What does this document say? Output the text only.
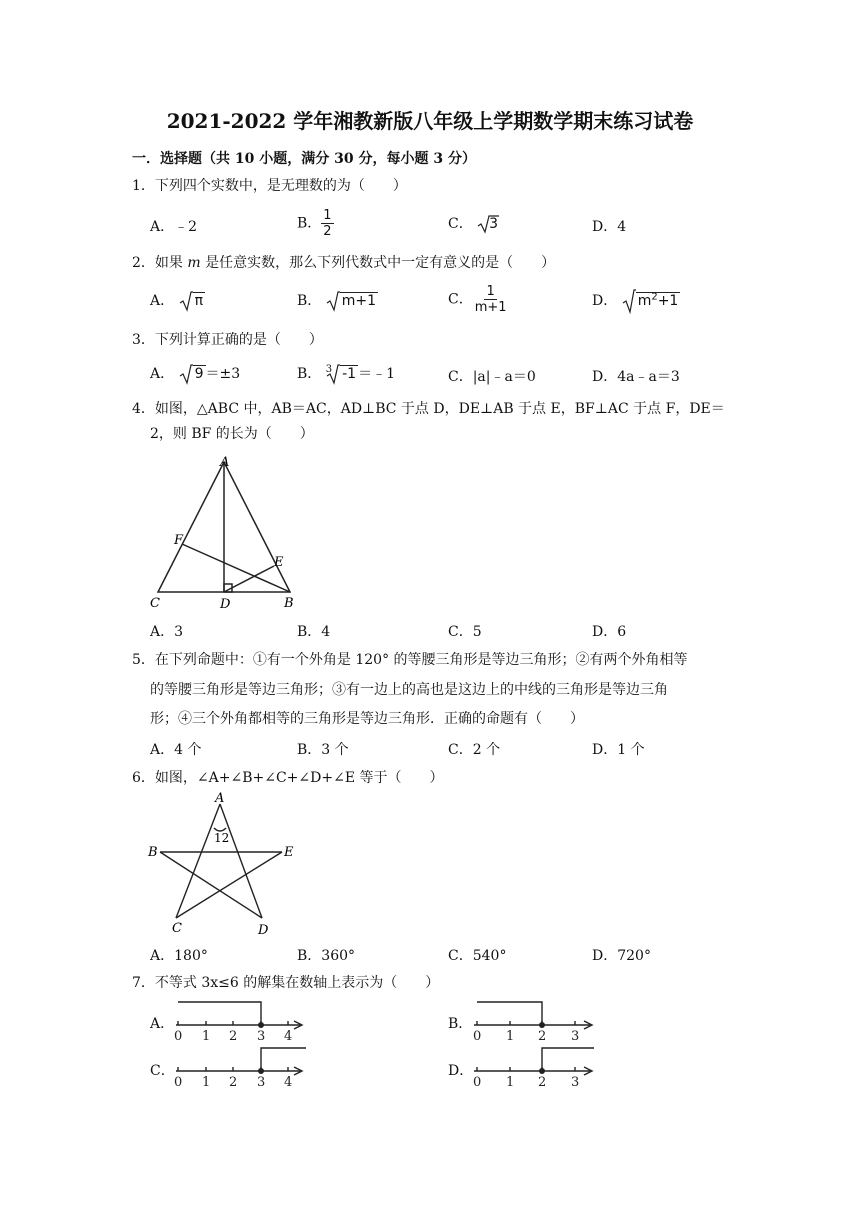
2021-2022 学年湘教新版八年级上学期数学期末练习试卷
一．选择题（共 10 小题，满分 30 分，每小题 3 分）
1．下列四个实数中，是无理数的为（　　）
A．﹣2	B． $\frac{1}{2}$	C． 3	D．4
2．如果 m 是任意实数，那么下列代数式中一定有意义的是（　　）
A． π	B． m+1	C． $\frac{1}{m+1}$	D． $m^2+1$
3．下列计算正确的是（　　）
A． 9 ＝±3	B． $^3$ -1 ＝﹣1	C．|a|﹣a＝0	D．4a﹣a＝3
4．如图，△ABC 中，AB＝AC，AD⊥BC 于点 D，DE⊥AB 于点 E，BF⊥AC 于点 F，DE＝
2，则 BF 的长为（　　）
A
F
E
C	D	B
A．3	B．4	C．5	D．6
5．在下列命题中：①有一个外角是 120° 的等腰三角形是等边三角形；②有两个外角相等
的等腰三角形是等边三角形；③有一边上的高也是这边上的中线的三角形是等边三角
形；④三个外角都相等的三角形是等边三角形．正确的命题有（　　）
A．4 个	B．3 个	C．2 个	D．1 个
6．如图，∠A+∠B+∠C+∠D+∠E 等于（　　）
A
12
B	E
C	D
A．180°	B．360°	C．540°	D．720°
7．不等式 3x≤6 的解集在数轴上表示为（　　）
A．
0 1 2 3 4
B．
0 1 2 3
C．
0 1 2 3 4
D．
0 1 2 3
